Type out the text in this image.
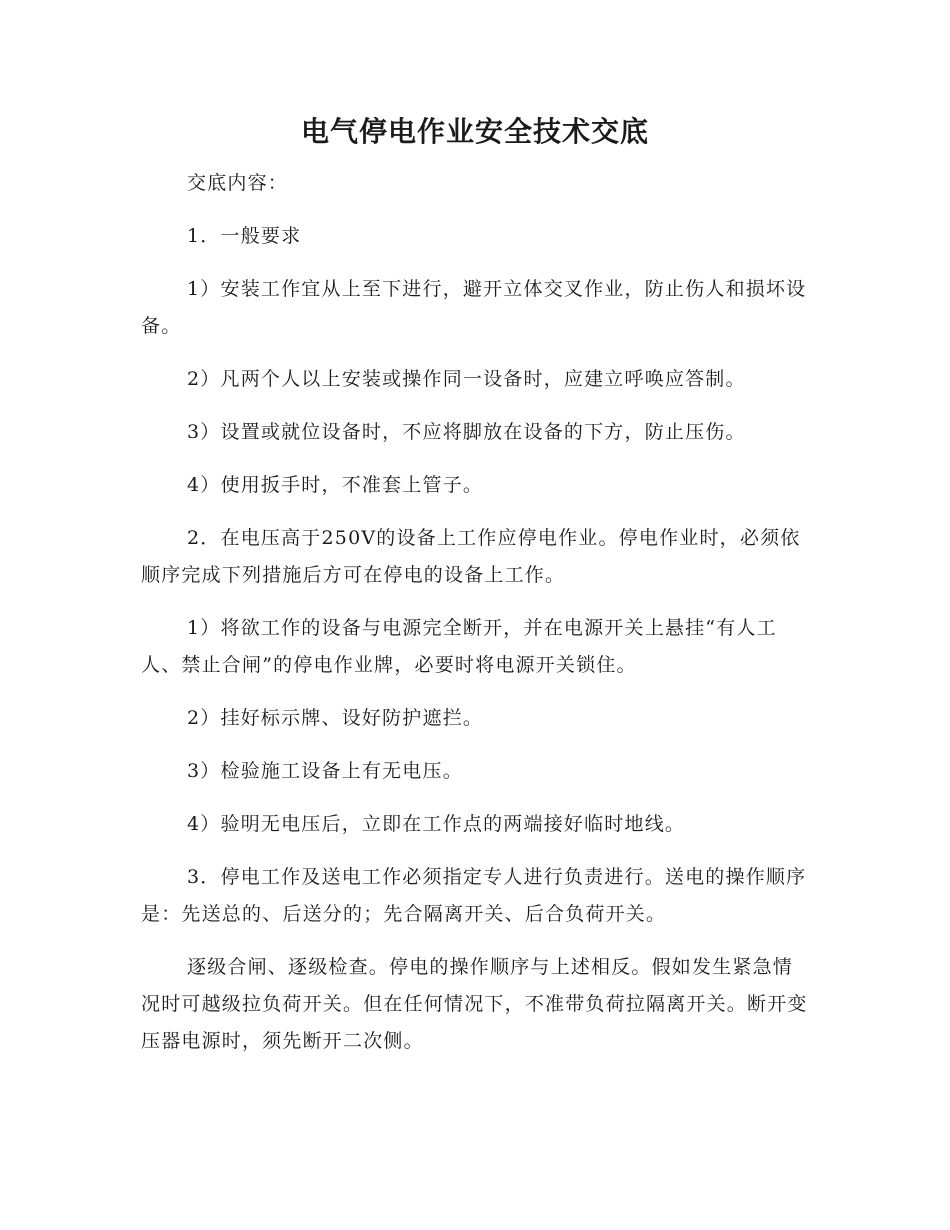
电气停电作业安全技术交底

交底内容：

1．一般要求

1）安装工作宜从上至下进行，避开立体交叉作业，防止伤人和损坏设备。

2）凡两个人以上安装或操作同一设备时，应建立呼唤应答制。

3）设置或就位设备时，不应将脚放在设备的下方，防止压伤。

4）使用扳手时，不准套上管子。

2．在电压高于250V的设备上工作应停电作业。停电作业时，必须依顺序完成下列措施后方可在停电的设备上工作。

1）将欲工作的设备与电源完全断开，并在电源开关上悬挂“有人工人、禁止合闸”的停电作业牌，必要时将电源开关锁住。

2）挂好标示牌、设好防护遮拦。

3）检验施工设备上有无电压。

4）验明无电压后，立即在工作点的两端接好临时地线。

3．停电工作及送电工作必须指定专人进行负责进行。送电的操作顺序是：先送总的、后送分的；先合隔离开关、后合负荷开关。

逐级合闸、逐级检查。停电的操作顺序与上述相反。假如发生紧急情况时可越级拉负荷开关。但在任何情况下，不准带负荷拉隔离开关。断开变压器电源时，须先断开二次侧。
